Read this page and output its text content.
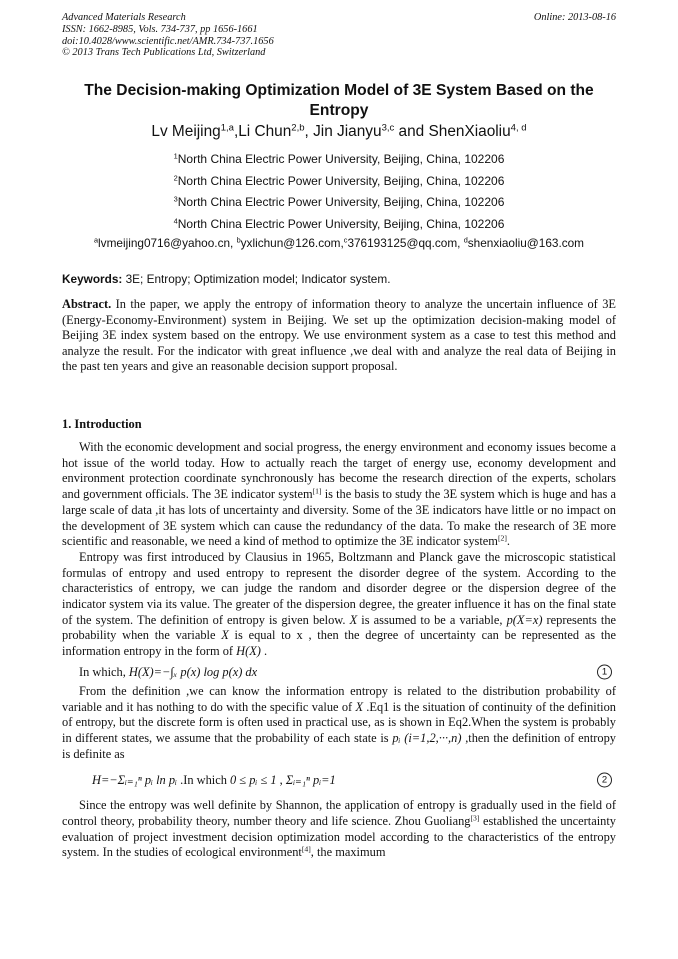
Advanced Materials Research
ISSN: 1662-8985, Vols. 734-737, pp 1656-1661
doi:10.4028/www.scientific.net/AMR.734-737.1656
© 2013 Trans Tech Publications Ltd, Switzerland
Online: 2013-08-16
The Decision-making Optimization Model of 3E System Based on the Entropy
Lv Meijing$^{1,a}$,Li Chun$^{2,b}$, Jin Jianyu$^{3,c}$ and ShenXiaoliu$^{4, d}$
$^1$North China Electric Power University, Beijing, China, 102206
$^2$North China Electric Power University, Beijing, China, 102206
$^3$North China Electric Power University, Beijing, China, 102206
$^4$North China Electric Power University, Beijing, China, 102206
$^a$lvmeijing0716@yahoo.cn, $^b$yxlichun@126.com,$^c$376193125@qq.com, $^d$shenxiaoliu@163.com
Keywords: 3E; Entropy; Optimization model; Indicator system.
Abstract. In the paper, we apply the entropy of information theory to analyze the uncertain influence of 3E (Energy-Economy-Environment) system in Beijing. We set up the optimization decision-making model of Beijing 3E index system based on the entropy. We use environment system as a case to test this method and analyze the result. For the indicator with great influence ,we deal with and analyze the real data of Beijing in the past ten years and give an reasonable decision support proposal.
1. Introduction

With the economic development and social progress, the energy environment and economy issues become a hot issue of the world today. How to actually reach the target of energy use, economy development and environment protection coordinate synchronously has become the research direction of the experts, scholars and government officials. The 3E indicator system[1] is the basis to study the 3E system which is huge and has a large scale of data ,it has lots of uncertainty and diversity. Some of the 3E indicators have little or no impact on the development of 3E system which can cause the redundancy of the data. To make the research of 3E more scientific and reasonable, we need a kind of method to optimize the 3E indicator system[2].

Entropy was first introduced by Clausius in 1965, Boltzmann and Planck gave the microscopic statistical formulas of entropy and used entropy to represent the disorder degree of the system. According to the characteristics of entropy, we can judge the random and disorder degree or the dispersion degree of the indicator system via its value. The greater of the dispersion degree, the greater influence it has on the final state of the system. The definition of entropy is given below. X is assumed to be a variable, p(X=x) represents the probability when the variable X is equal to x , then the degree of uncertainty can be represented as the information entropy in the form of H(X) .

In which, H(X)=−∫ₓ p(x) log p(x) dx	1

From the definition ,we can know the information entropy is related to the distribution probability of variable and it has nothing to do with the specific value of X .Eq1 is the situation of continuity of the definition of entropy, but the discrete form is often used in practical use, as is shown in Eq2.When the system is probably in different states, we assume that the probability of each state is pᵢ (i=1,2,···,n) ,then the definition of entropy is definite as

H=−Σᵢ₌₁ⁿ pᵢ ln pᵢ .In which 0 ≤ pᵢ ≤ 1 , Σᵢ₌₁ⁿ pᵢ=1	2

Since the entropy was well definite by Shannon, the application of entropy is gradually used in the field of control theory, probability theory, number theory and life science. Zhou Guoliang[3] established the uncertainty evaluation of project investment decision optimization model according to the characteristics of the entropy system. In the studies of ecological environment[4], the maximum
